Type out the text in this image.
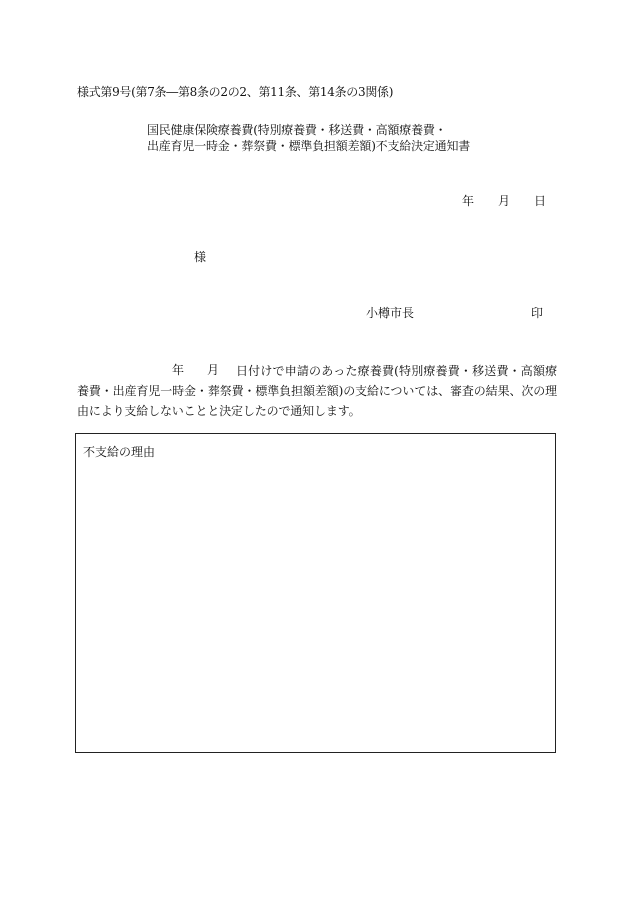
様式第9号(第7条―第8条の2の2、第11条、第14条の3関係)
国民健康保険療養費(特別療養費・移送費・高額療養費・
出産育児一時金・葬祭費・標準負担額差額)不支給決定通知書
年 月 日
様
小樽市長	印
年 月	日付けで申請のあった療養費(特別療養費・移送費・高額療養費・出産育児一時金・葬祭費・標準負担額差額)の支給については、審査の結果、次の理由により支給しないことと決定したので通知します。
不支給の理由
